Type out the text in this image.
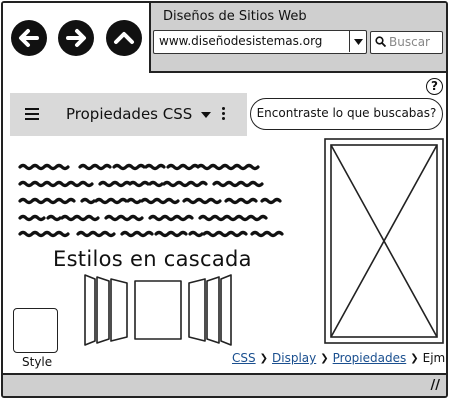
Diseños de Sitios Web
www.diseñodesistemas.org	Buscar
?
Propiedades CSS	Encontraste lo que buscabas?
Estilos en cascada
Style	CSS ❯ Display ❯ Propiedades ❯ Ejm
//
